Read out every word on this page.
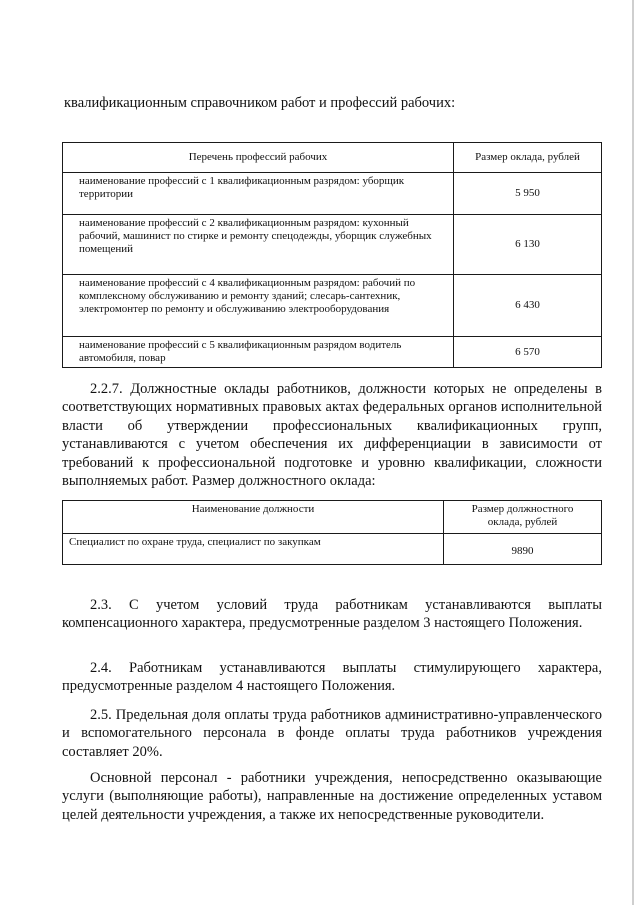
квалификационным справочником работ и профессий рабочих:
Перечень профессий рабочих	Размер оклада, рублей
наименование профессий с 1 квалификационным разрядом: уборщик территории	5 950
наименование профессий с 2 квалификационным разрядом: кухонный рабочий, машинист по стирке и ремонту спецодежды, уборщик служебных помещений	6 130
наименование профессий с 4 квалификационным разрядом: рабочий по комплексному обслуживанию и ремонту зданий; слесарь-сантехник, электромонтер по ремонту и обслуживанию электрооборудования	6 430
наименование профессий с 5 квалификационным разрядом водитель автомобиля, повар	6 570

2.2.7. Должностные оклады работников, должности которых не определены в соответствующих нормативных правовых актах федеральных органов исполнительной власти об утверждении профессиональных квалификационных групп, устанавливаются с учетом обеспечения их дифференциации в зависимости от требований к профессиональной подготовке и уровню квалификации, сложности выполняемых работ. Размер должностного оклада:

Наименование должности	Размер должностного оклада, рублей
Специалист по охране труда, специалист по закупкам	9890

2.3. С учетом условий труда работникам устанавливаются выплаты компенсационного характера, предусмотренные разделом 3 настоящего Положения.

2.4. Работникам устанавливаются выплаты стимулирующего характера, предусмотренные разделом 4 настоящего Положения.

2.5. Предельная доля оплаты труда работников административно-управленческого и вспомогательного персонала в фонде оплаты труда работников учреждения составляет 20%.

Основной персонал - работники учреждения, непосредственно оказывающие услуги (выполняющие работы), направленные на достижение определенных уставом целей деятельности учреждения, а также их непосредственные руководители.
